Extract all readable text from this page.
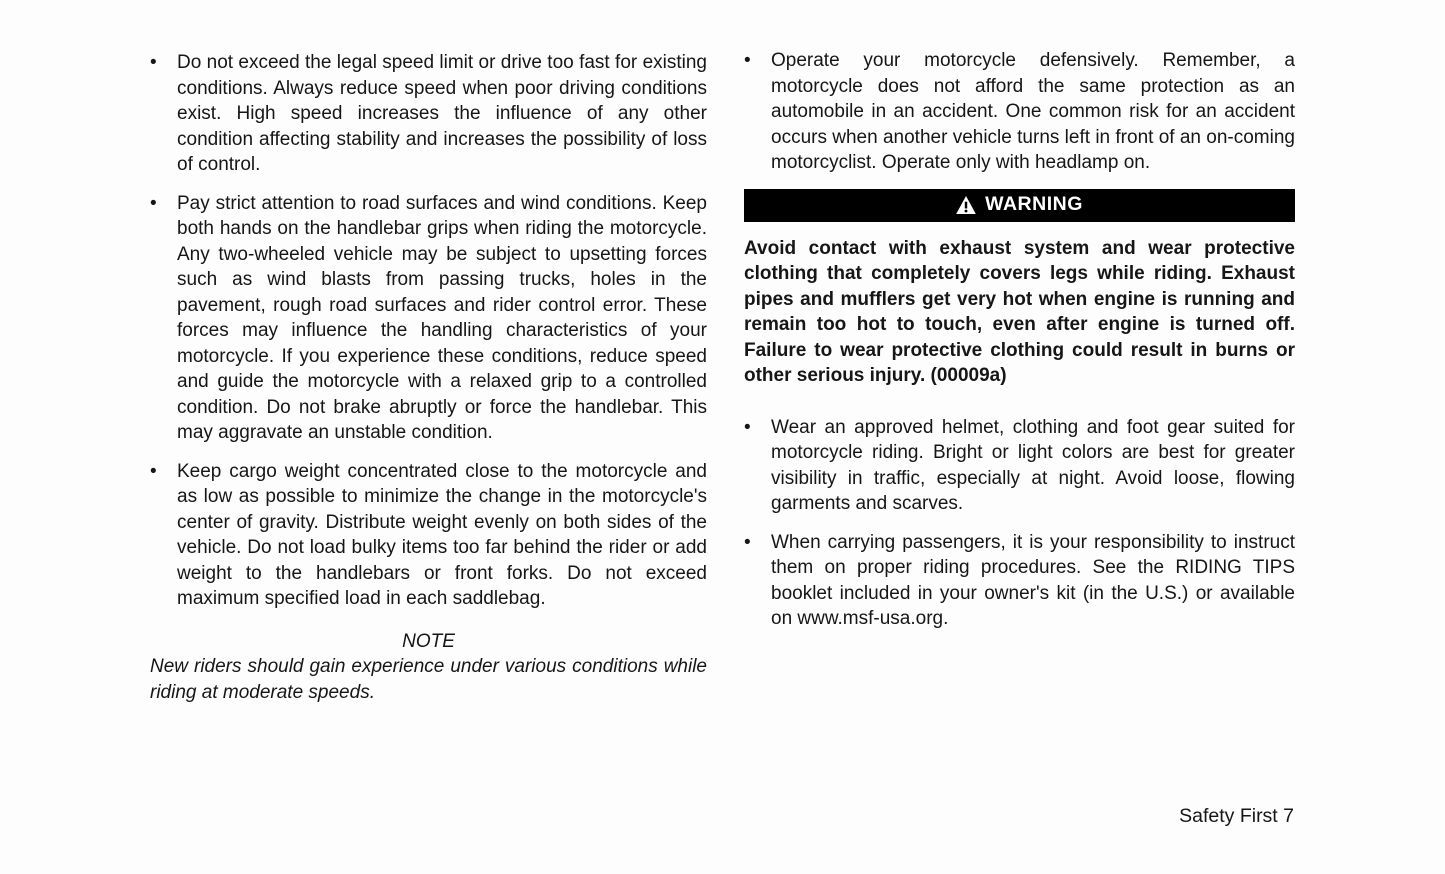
•	Do not exceed the legal speed limit or drive too fast for existing conditions. Always reduce speed when poor driving conditions exist. High speed increases the influence of any other condition affecting stability and increases the possibility of loss of control.
•	Pay strict attention to road surfaces and wind conditions. Keep both hands on the handlebar grips when riding the motorcycle. Any two-wheeled vehicle may be subject to upsetting forces such as wind blasts from passing trucks, holes in the pavement, rough road surfaces and rider control error. These forces may influence the handling characteristics of your motorcycle. If you experience these conditions, reduce speed and guide the motorcycle with a relaxed grip to a controlled condition. Do not brake abruptly or force the handlebar. This may aggravate an unstable condition.
•	Keep cargo weight concentrated close to the motorcycle and as low as possible to minimize the change in the motorcycle's center of gravity. Distribute weight evenly on both sides of the vehicle. Do not load bulky items too far behind the rider or add weight to the handlebars or front forks. Do not exceed maximum specified load in each saddlebag.
NOTE
New riders should gain experience under various conditions while riding at moderate speeds.
•	Operate your motorcycle defensively. Remember, a motorcycle does not afford the same protection as an automobile in an accident. One common risk for an accident occurs when another vehicle turns left in front of an on-coming motorcyclist. Operate only with headlamp on.
WARNING
Avoid contact with exhaust system and wear protective clothing that completely covers legs while riding. Exhaust pipes and mufflers get very hot when engine is running and remain too hot to touch, even after engine is turned off. Failure to wear protective clothing could result in burns or other serious injury. (00009a)
•	Wear an approved helmet, clothing and foot gear suited for motorcycle riding. Bright or light colors are best for greater visibility in traffic, especially at night. Avoid loose, flowing garments and scarves.
•	When carrying passengers, it is your responsibility to instruct them on proper riding procedures. See the RIDING TIPS booklet included in your owner's kit (in the U.S.) or available on www.msf-usa.org.
Safety First 7
